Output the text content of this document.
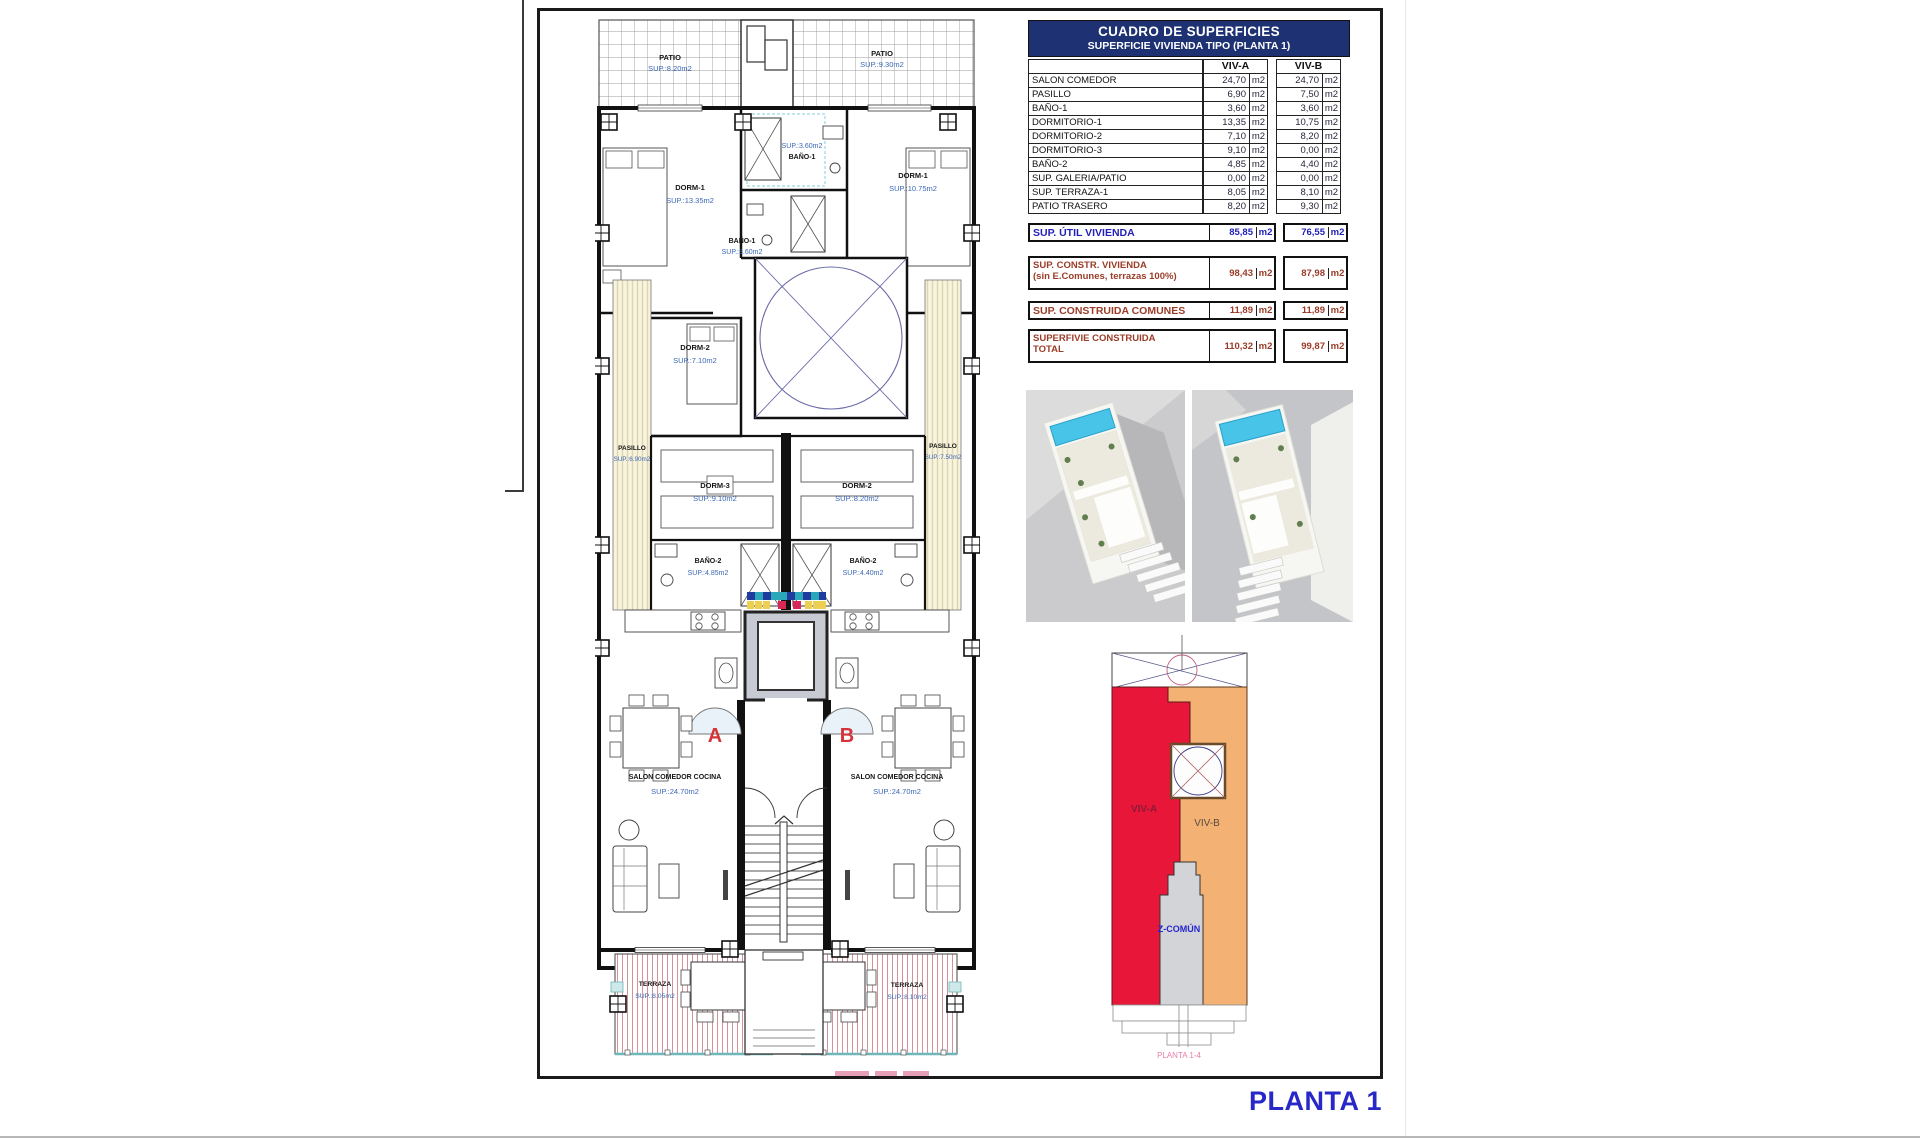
PATIO
SUP.:8.20m2
PATIO
SUP.:9.30m2
SUP.:3.60m2
BAÑO-1
BAÑO-1
SUP.:3.60m2
DORM-1
SUP.:13.35m2
DORM-1
SUP.:10.75m2
DORM-2
SUP.:7.10m2
PASILLO
SUP.:6.90m2
PASILLO
SUP.:7.50m2
DORM-3
SUP.:9.10m2
DORM-2
SUP.:8.20m2
BAÑO-2
SUP.:4.85m2
BAÑO-2
SUP.:4.40m2
A	B
SALON COMEDOR COCINA
SUP.:24.70m2
SALON COMEDOR COCINA
SUP.:24.70m2
TERRAZA
SUP.:8.05m2
TERRAZA
SUP.:8.10m2
CUADRO DE SUPERFICIES
SUPERFICIE VIVIENDA TIPO (PLANTA 1)
VIV-A	VIV-B
SALON COMEDOR	24,70 m2	24,70 m2
PASILLO	6,90 m2	7,50 m2
BAÑO-1	3,60 m2	3,60 m2
DORMITORIO-1	13,35 m2	10,75 m2
DORMITORIO-2	7,10 m2	8,20 m2
DORMITORIO-3	9,10 m2	0,00 m2
BAÑO-2	4,85 m2	4,40 m2
SUP. GALERIA/PATIO	0,00 m2	0,00 m2
SUP. TERRAZA-1	8,05 m2	8,10 m2
PATIO TRASERO	8,20 m2	9,30 m2
SUP. ÚTIL VIVIENDA	85,85 m2	76,55 m2
SUP. CONSTR. VIVIENDA
(sin E.Comunes, terrazas 100%)	98,43 m2	87,98 m2
SUP. CONSTRUIDA COMUNES	11,89 m2	11,89 m2
SUPERFIVIE CONSTRUIDA
TOTAL	110,32 m2	99,87 m2
VIV-A
VIV-B
Z-COMÚN
PLANTA 1-4
PLANTA 1
